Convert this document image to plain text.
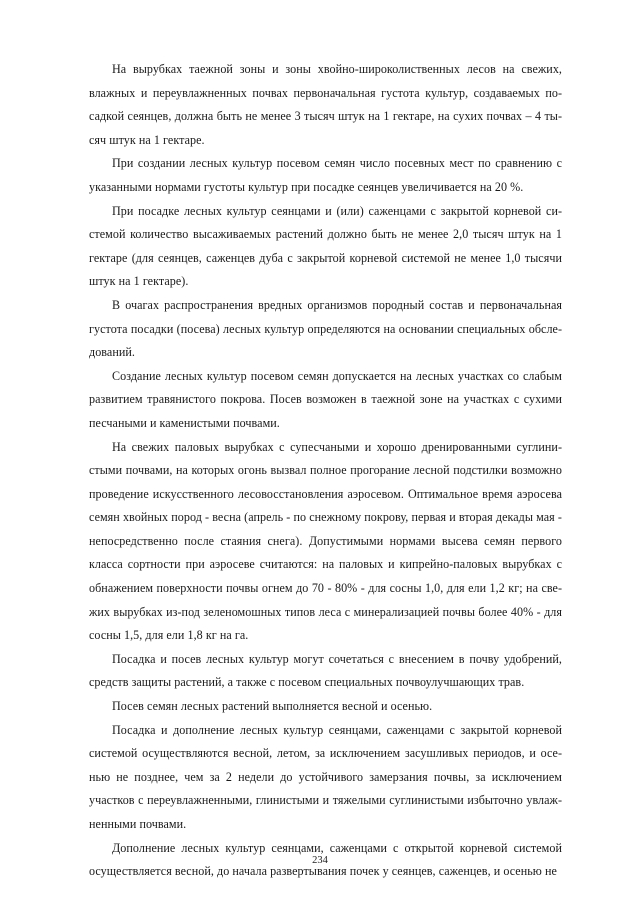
На вырубках таежной зоны и зоны хвойно-широколиственных лесов на свежих, влажных и переувлажненных почвах первоначальная густота культур, создаваемых посадкой сеянцев, должна быть не менее 3 тысяч штук на 1 гектаре, на сухих почвах – 4 тысяч штук на 1 гектаре.

При создании лесных культур посевом семян число посевных мест по сравнению с указанными нормами густоты культур при посадке сеянцев увеличивается на 20 %.

При посадке лесных культур сеянцами и (или) саженцами с закрытой корневой системой количество высаживаемых растений должно быть не менее 2,0 тысяч штук на 1 гектаре (для сеянцев, саженцев дуба с закрытой корневой системой не менее 1,0 тысячи штук на 1 гектаре).

В очагах распространения вредных организмов породный состав и первоначальная густота посадки (посева) лесных культур определяются на основании специальных обследований.

Создание лесных культур посевом семян допускается на лесных участках со слабым развитием травянистого покрова. Посев возможен в таежной зоне на участках с сухими песчаными и каменистыми почвами.

На свежих паловых вырубках с супесчаными и хорошо дренированными суглинистыми почвами, на которых огонь вызвал полное прогорание лесной подстилки возможно проведение искусственного лесовосстановления аэросевом. Оптимальное время аэросева семян хвойных пород - весна (апрель - по снежному покрову, первая и вторая декады мая - непосредственно после стаяния снега). Допустимыми нормами высева семян первого класса сортности при аэросеве считаются: на паловых и кипрейно-паловых вырубках с обнажением поверхности почвы огнем до 70 - 80% - для сосны 1,0, для ели 1,2 кг; на свежих вырубках из-под зеленомошных типов леса с минерализацией почвы более 40% - для сосны 1,5, для ели 1,8 кг на га.

Посадка и посев лесных культур могут сочетаться с внесением в почву удобрений, средств защиты растений, а также с посевом специальных почвоулучшающих трав.

Посев семян лесных растений выполняется весной и осенью.

Посадка и дополнение лесных культур сеянцами, саженцами с закрытой корневой системой осуществляются весной, летом, за исключением засушливых периодов, и осенью не позднее, чем за 2 недели до устойчивого замерзания почвы, за исключением участков с переувлажненными, глинистыми и тяжелыми суглинистыми избыточно увлажненными почвами.

Дополнение лесных культур сеянцами, саженцами с открытой корневой системой осуществляется весной, до начала развертывания почек у сеянцев, саженцев, и осенью не

234
